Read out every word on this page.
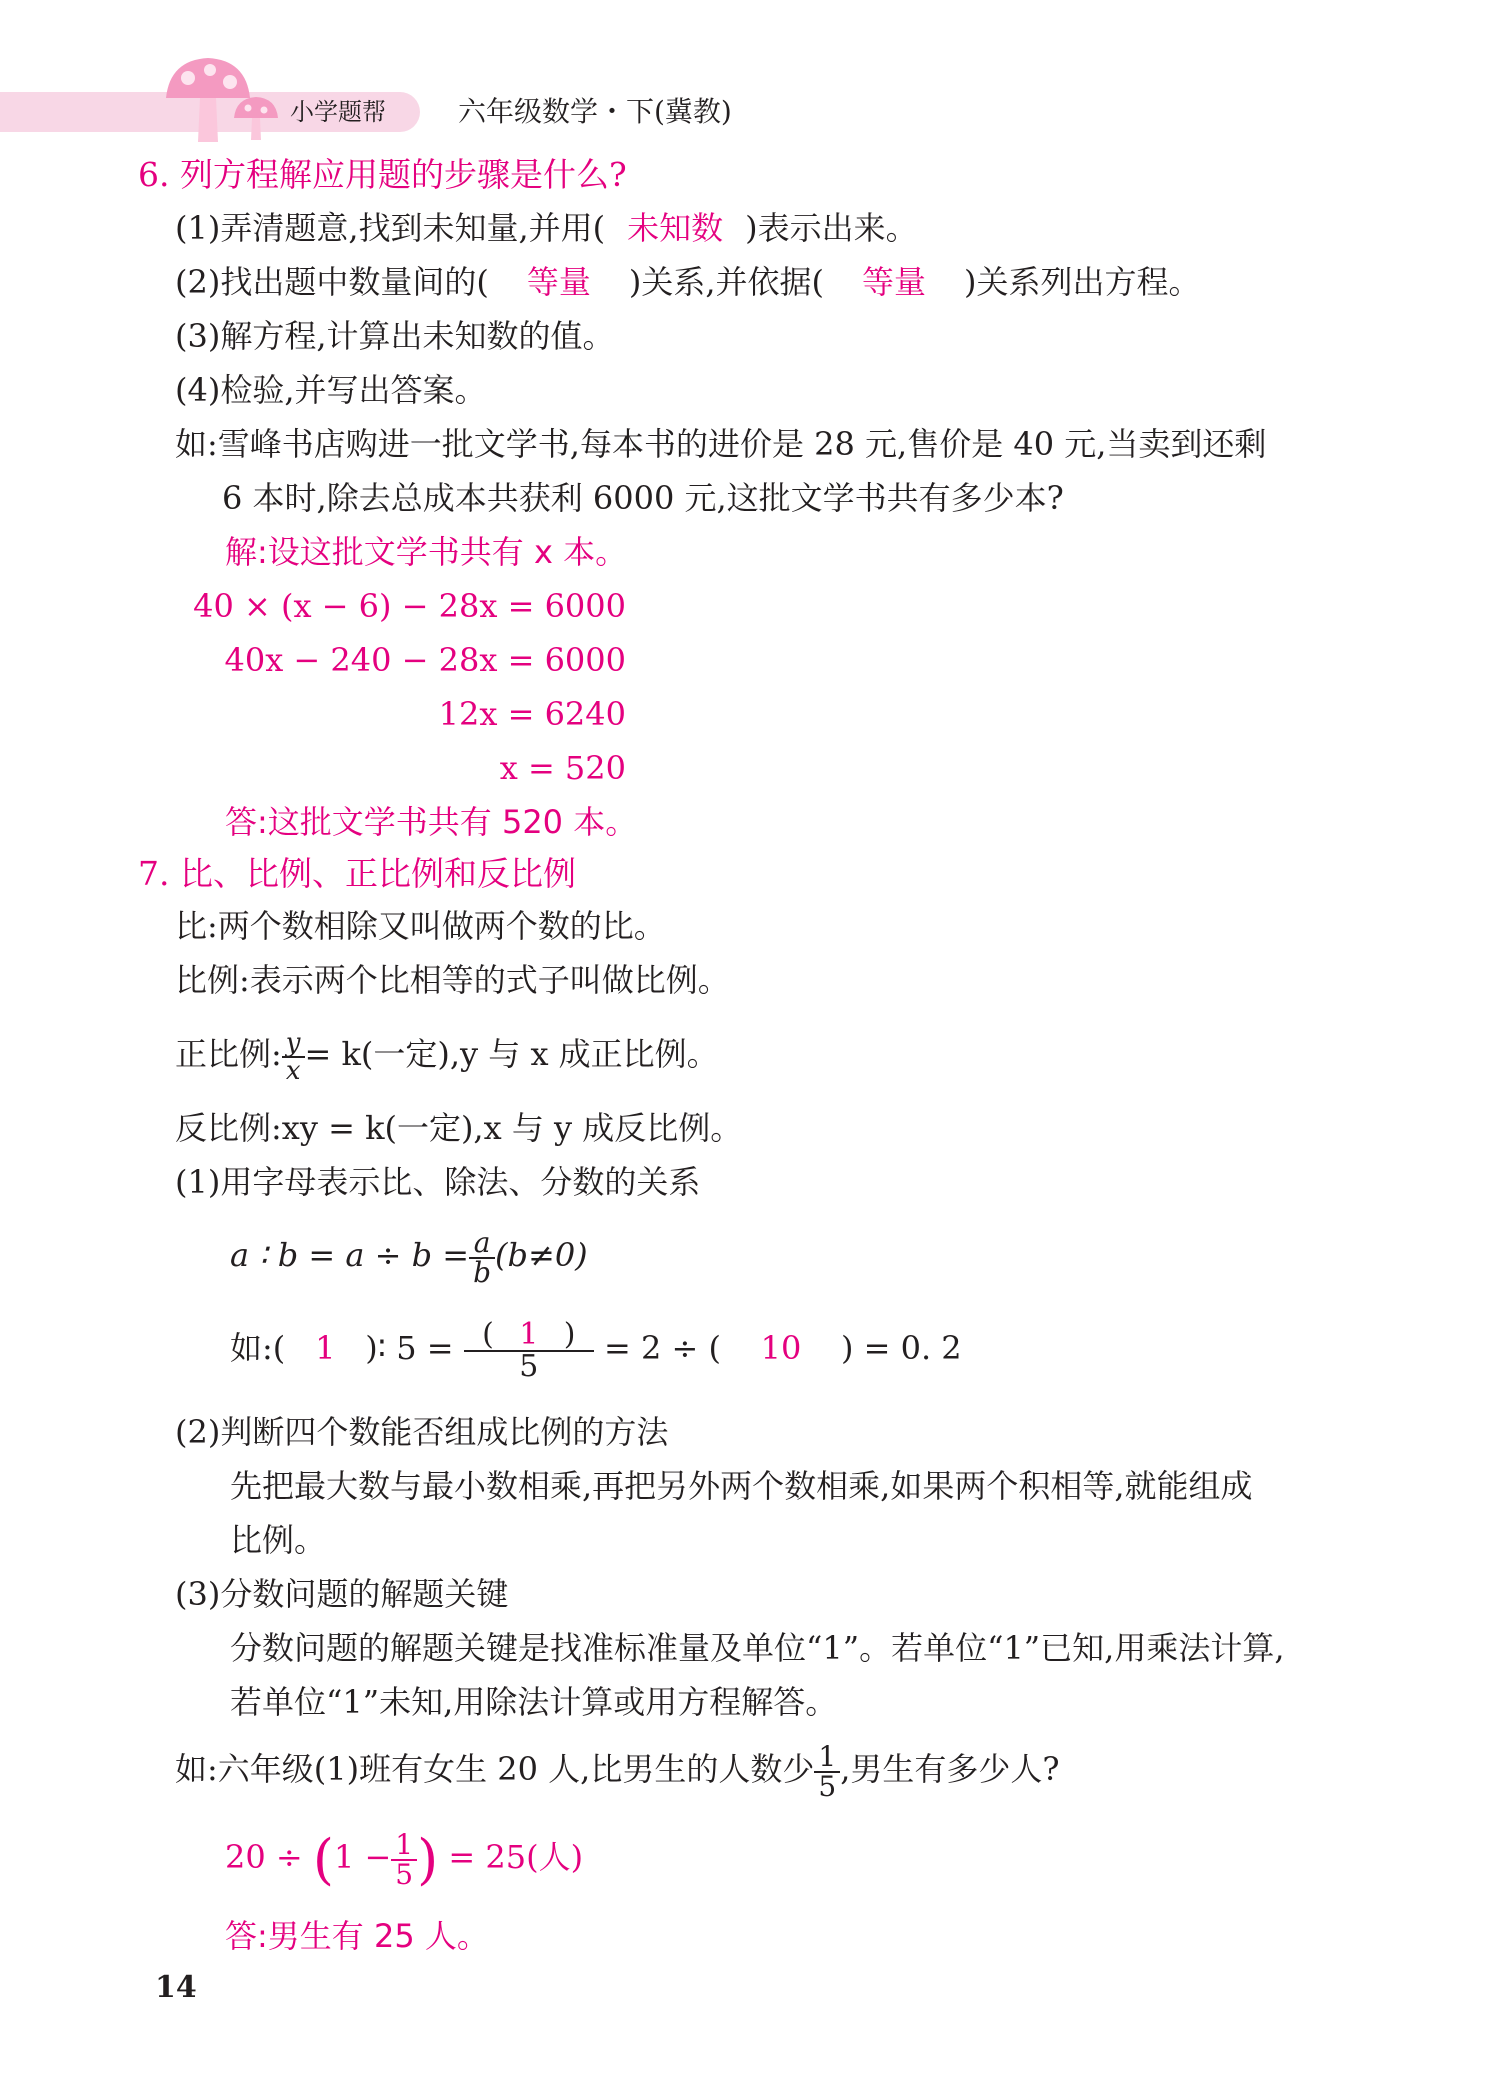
小学题帮	六年级数学・下(冀教)
6. 列方程解应用题的步骤是什么?
(1)弄清题意,找到未知量,并用( 未知数 )表示出来。
(2)找出题中数量间的( 等量 )关系,并依据( 等量 )关系列出方程。
(3)解方程,计算出未知数的值。
(4)检验,并写出答案。
如:雪峰书店购进一批文学书,每本书的进价是 28 元,售价是 40 元,当卖到还剩
6 本时,除去总成本共获利 6000 元,这批文学书共有多少本?
解:设这批文学书共有 x 本。
40 × (x − 6) − 28x = 6000
40x − 240 − 28x = 6000
12x = 6240
x = 520
答:这批文学书共有 520 本。
7. 比、比例、正比例和反比例
比:两个数相除又叫做两个数的比。
比例:表示两个比相等的式子叫做比例。
正比例: $\frac{y}{x} = k$(一定),y 与 x 成正比例。
反比例:xy = k(一定),x 与 y 成反比例。
(1)用字母表示比、除法、分数的关系
a ∶ $b = a \div b = \frac{a}{b} (b\ne 0)$
如:( 1 )∶ $5 = \frac{( 1 )}{5} = 2$ ÷ ( 10 ) = 0. 2
(2)判断四个数能否组成比例的方法
先把最大数与最小数相乘,再把另外两个数相乘,如果两个积相等,就能组成
比例。
(3)分数问题的解题关键
分数问题的解题关键是找准标准量及单位“1”。若单位“1”已知,用乘法计算,
若单位“1”未知,用除法计算或用方程解答。
如:六年级(1)班有女生 20 人,比男生的人数少 $\frac{1}{5}$ ,男生有多少人?
$20 \div (1 - \frac{1}{5}$ ) = 25(人)
答:男生有 25 人。
14
